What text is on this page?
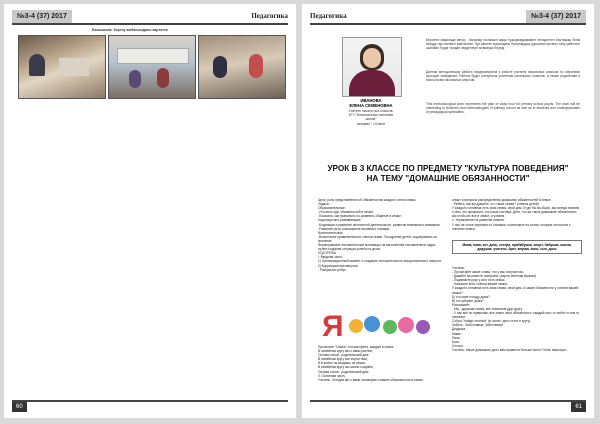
№3-4 (37) 2017	Педагогика
Бальшыла. Зертеу жобасындағы картотек
60
Педагогика	№3-4 (37) 2017
ИВАНОВА
ЕЛЕНА СЕМЕНОВНА
Учитель началь ных классов,
КГУ "Вознесенская основная
школа"
жевцево", г.Семей

Берілген мақалада автор - балалар ғылымын жаңа тұжырымдамамен негізделген бастауыш білім беруде оқу пәнімен қамтылған, бұл мектеп жасындағы балалардың қоршаған ортаны тану қабілетін шынайы түрде талдап зерделеуге мүмкіндік береді.

Данная методическая работа предназначена к работе учителя начальных классов по обучению культуре поведения. Работа будет интересна учителям начальных классов, а также родителям и психологам начальных классов.

This methodological work represents the plan of class hour for primary school pupils. The work will be interesting to teachers and methodologists of primary school as well as to students and undergraduates of pedagogical specialties.

УРОК В 3 КЛАССЕ ПО ПРЕДМЕТУ "КУЛЬТУРА ПОВЕДЕНИЯ" НА ТЕМУ "ДОМАШНИЕ ОБЯЗАННОСТИ"

Цель: роль представления об обязанностях каждого члена семьи.
Задачи:
Образовательные:
-Уточнить круг обязанностей в семье;
-Показать, как правильно ко-сравнить общение в семье.
Коррекционно-развивающие:
-Коррекция и развитие личностной деятельности, развитие внимания и внимания.
-Развитие речи, расширение активного словаря.
Воспитательные:
-Воспитание нравственности членов семьи. Поощрение детей, подчеркивать их значение.
Формирование положительной мотивации на выполнение поставленных задач путём создания ситуации успеха на уроке.
ХОД УРОКА
I. Вводная часть.
1) Организационный момент и создание положительного эмоционального настроя.
2) Коррекционная минутка:
- Раскрасьте ребус.

Я

Прочитали "Семья" и посмотрели, каждый в семье.
В семейном кругу мы с вами растем,
Основа основ - родительский дом.
В семейном кругу все корни твои,
И в жизнь ты входишь из семьи.
В семейном кругу мы жизнь создаём,
Основа основ - родительский дом.
II. Основная часть.
Учитель: Сегодня мы с вами поговорим о ваших обязанностях в семье.

семье и вопросы распределения домашних обязанностей в семье.
- Ребята, как вы думаете, что такое семья? (ответы детей)
У каждого человека есть своя семья, свой дом. И где бы мы были, мы всегда помним о нём, это прекрасно, это наша частица. Дети, что же такое домашние обязанности, как чтобы их все в семье, и узнаем.
1. Упражнение на развитие памяти.
У нас на столе картинки со словами, посмотрите на слова, которые относятся к понятию семья.

Мама, папа, кот, дочь, сестра, прабабушка, спорт, бабушка, школа, дедушка, учитель, брат, внучка, кино, сын, дочь

Учитель:
- Прочитайте какие слова, что у вас получилось.
- Давайте мы вместе поиграем. (звучит весёлая музыка)
- Поднимите руку у кого есть семья.
- Назовите всех членов вашей семьи.
У каждого человека есть своя семья, свой дом. А какие обязанности у членов вашей семьи?
Б) кто моет посуду дома?
В) кто убирает дома?
Расскажите:
- Мы - дружная семья, все помогаем друг другу.
- У нас всё по правилам, все знают свои обязанности, каждый кого-то любит и чем-то помогает.
2.Игра "Найди отличия" (в гостях: дети стоят в кругу)
Забота - Заботливые, Заботливые.
Дедушка -
Мама -
Папа -
Брат -
Сестра -
Учитель: Какое домашнее дело вам нравится больше всего? Итак, вам пора...

61
